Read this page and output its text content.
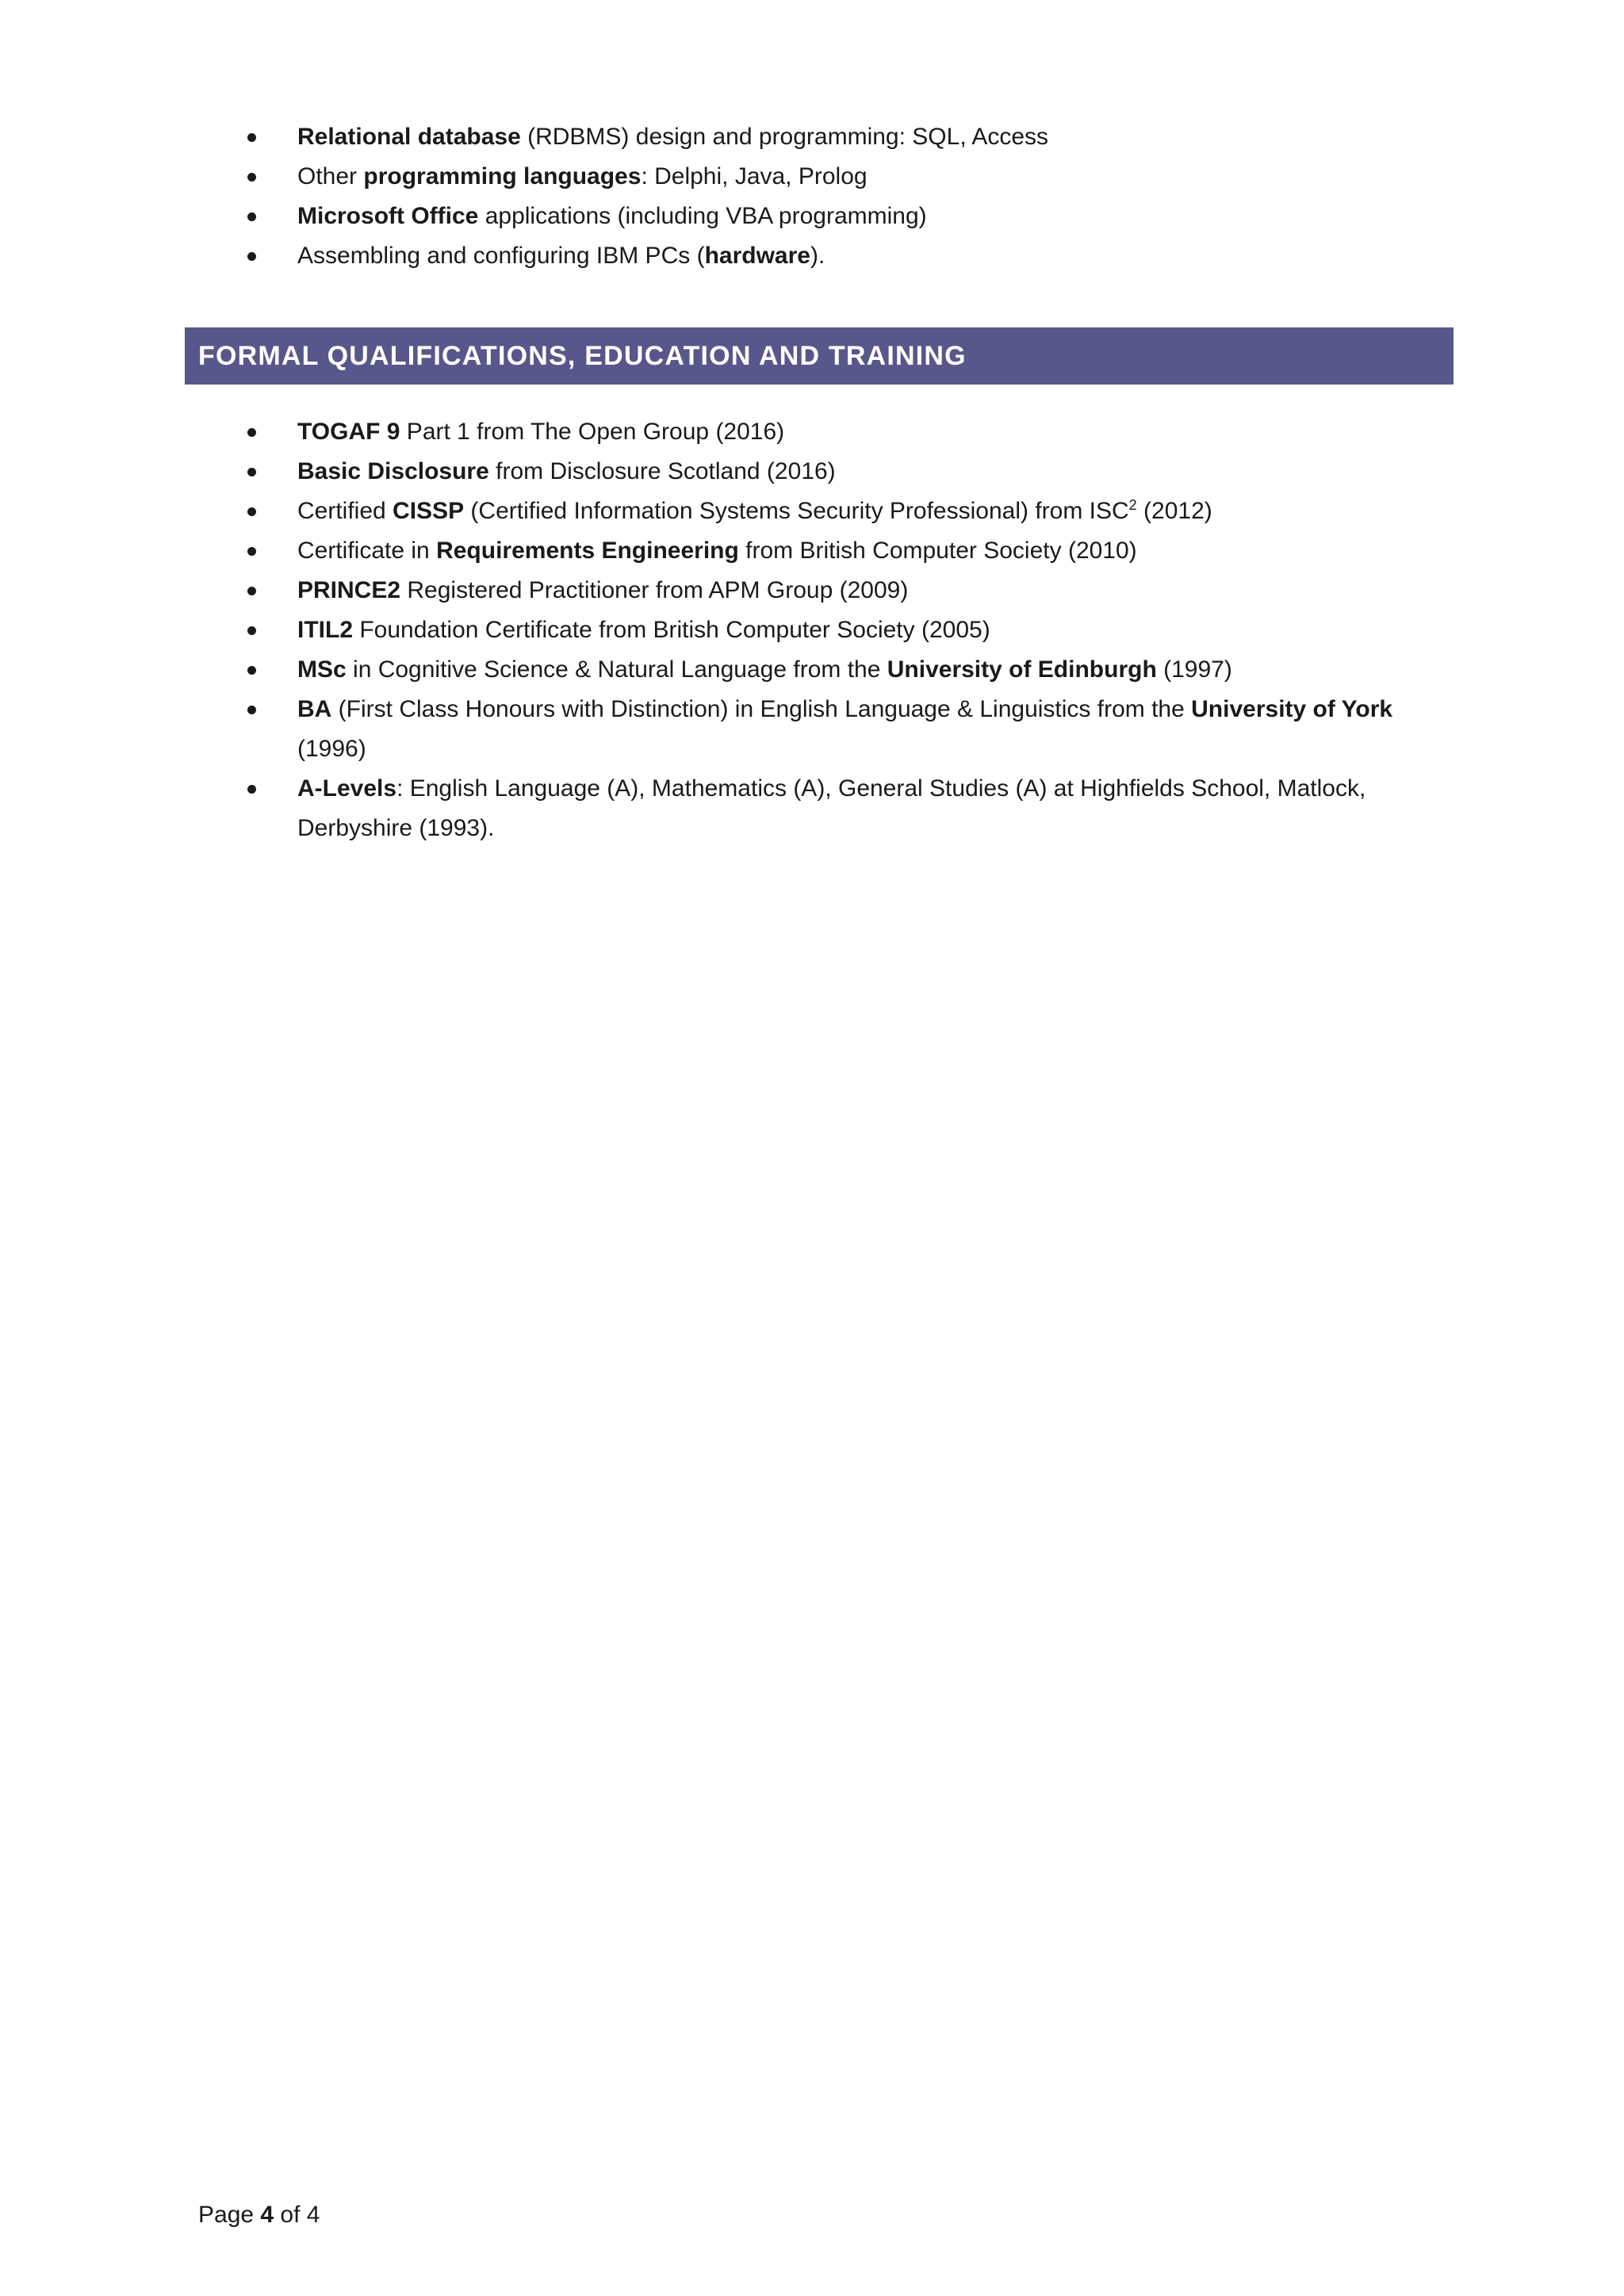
Relational database (RDBMS) design and programming: SQL, Access
Other programming languages: Delphi, Java, Prolog
Microsoft Office applications (including VBA programming)
Assembling and configuring IBM PCs (hardware).
FORMAL QUALIFICATIONS, EDUCATION AND TRAINING
TOGAF 9 Part 1 from The Open Group (2016)
Basic Disclosure from Disclosure Scotland (2016)
Certified CISSP (Certified Information Systems Security Professional) from ISC$^2$ (2012)
Certificate in Requirements Engineering from British Computer Society (2010)
PRINCE2 Registered Practitioner from APM Group (2009)
ITIL2 Foundation Certificate from British Computer Society (2005)
MSc in Cognitive Science & Natural Language from the University of Edinburgh (1997)
BA (First Class Honours with Distinction) in English Language & Linguistics from the University of York (1996)
A-Levels: English Language (A), Mathematics (A), General Studies (A) at Highfields School, Matlock, Derbyshire (1993).
Page 4 of 4
